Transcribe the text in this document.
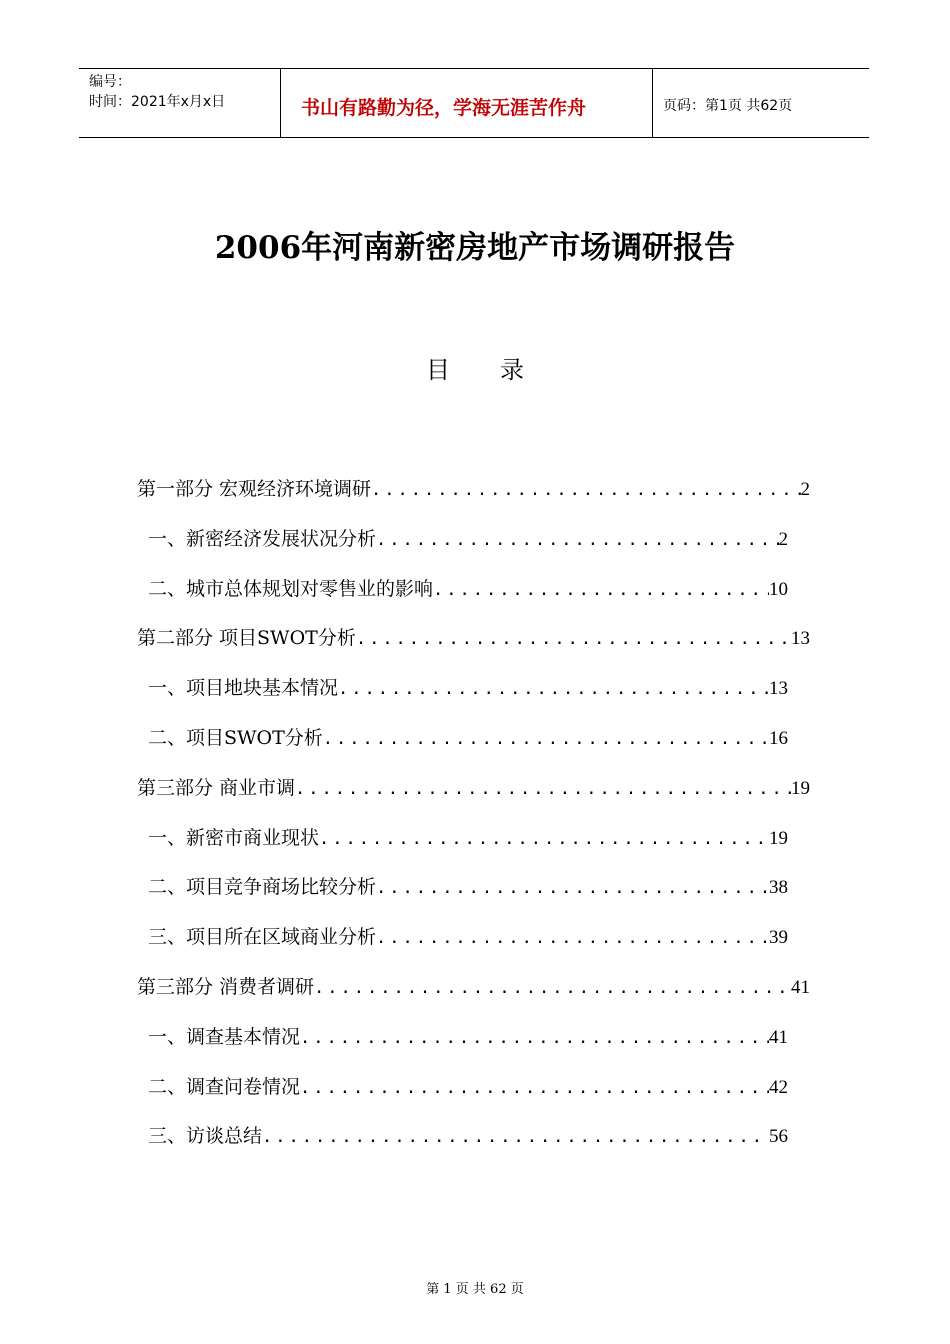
编号：
时间：2021年x月x日	书山有路勤为径，学海无涯苦作舟	页码：第1页 共62页
2006年河南新密房地产市场调研报告
目录
第一部分 宏观经济环境调研 .....	2
一、新密经济发展状况分析 .....	2
二、城市总体规划对零售业的影响 .....	10
第二部分 项目SWOT分析 .....	13
一、项目地块基本情况 .....	13
二、项目SWOT分析 .....	16
第三部分 商业市调 .....	19
一、新密市商业现状 .....	19
二、项目竞争商场比较分析 .....	38
三、项目所在区域商业分析 .....	39
第三部分 消费者调研 .....	41
一、调查基本情况 .....	41
二、调查问卷情况 .....	42
三、访谈总结 .....	56
第 1 页 共 62 页
